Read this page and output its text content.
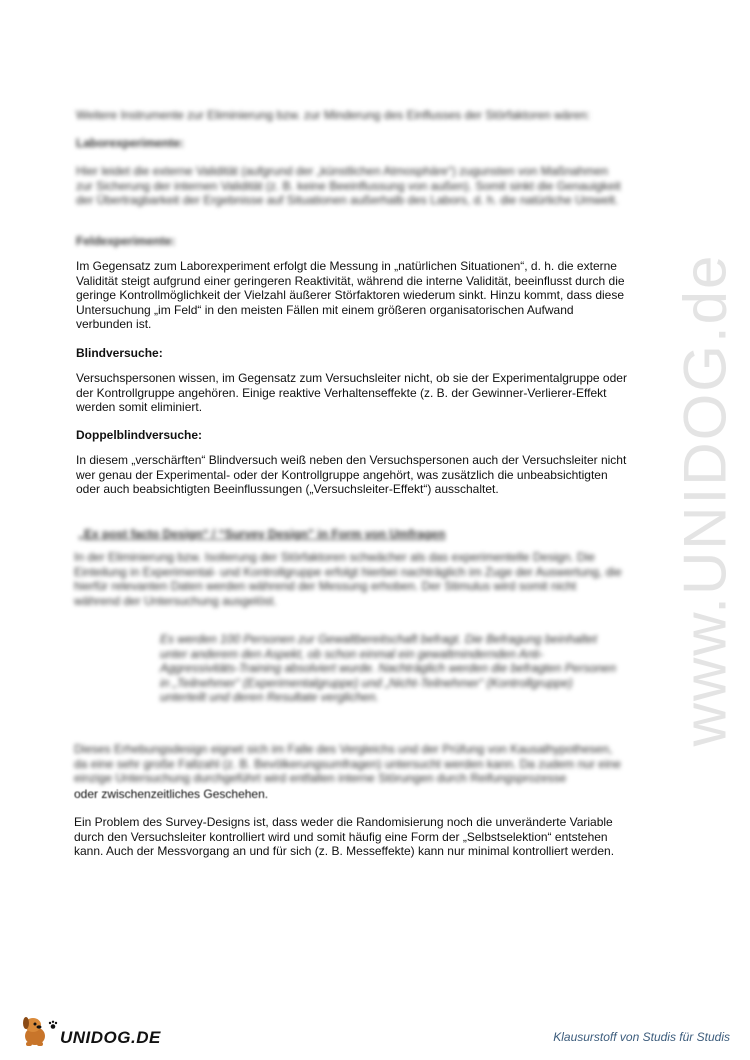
www.UNIDOG.de

Weitere Instrumente zur Eliminierung bzw. zur Minderung des Einflusses der Störfaktoren wären:

Laborexperimente:

Hier leidet die externe Validität (aufgrund der „künstlichen Atmosphäre“) zugunsten von Maßnahmen zur Sicherung der internen Validität (z. B. keine Beeinflussung von außen). Somit sinkt die Genauigkeit der Übertragbarkeit der Ergebnisse auf Situationen außerhalb des Labors, d. h. die natürliche Umwelt.

Feldexperimente:

Im Gegensatz zum Laborexperiment erfolgt die Messung in „natürlichen Situationen“, d. h. die externe Validität steigt aufgrund einer geringeren Reaktivität, während die interne Validität, beeinflusst durch die geringe Kontrollmöglichkeit der Vielzahl äußerer Störfaktoren wiederum sinkt. Hinzu kommt, dass diese Untersuchung „im Feld“ in den meisten Fällen mit einem größeren organisatorischen Aufwand verbunden ist.

Blindversuche:

Versuchspersonen wissen, im Gegensatz zum Versuchsleiter nicht, ob sie der Experimentalgruppe oder der Kontrollgruppe angehören. Einige reaktive Verhaltenseffekte (z. B. der Gewinner-Verlierer-Effekt werden somit eliminiert.

Doppelblindversuche:

In diesem „verschärften“ Blindversuch weiß neben den Versuchspersonen auch der Versuchsleiter nicht wer genau der Experimental- oder der Kontrollgruppe angehört, was zusätzlich die unbeabsichtigten oder auch beabsichtigten Beeinflussungen („Versuchsleiter-Effekt“) ausschaltet.

„Ex post facto Design“ / “Survey Design” in Form von Umfragen

In der Eliminierung bzw. Isolierung der Störfaktoren schwächer als das experimentelle Design. Die Einteilung in Experimental- und Kontrollgruppe erfolgt hierbei nachträglich im Zuge der Auswertung, die hierfür relevanten Daten werden während der Messung erhoben. Der Stimulus wird somit nicht während der Untersuchung ausgelöst.

Es werden 100 Personen zur Gewaltbereitschaft befragt. Die Befragung beinhaltet unter anderem den Aspekt, ob schon einmal ein gewaltmindernden Anti-Aggressivitäts-Training absolviert wurde. Nachträglich werden die befragten Personen in „Teilnehmer“ (Experimentalgruppe) und „Nicht-Teilnehmer“ (Kontrollgruppe) unterteilt und deren Resultate verglichen.

Dieses Erhebungsdesign eignet sich im Falle des Vergleichs und der Prüfung von Kausalhypothesen, da eine sehr große Fallzahl (z. B. Bevölkerungsumfragen) untersucht werden kann. Da zudem nur eine einzige Untersuchung durchgeführt wird entfallen interne Störungen durch Reifungsprozesse

oder zwischenzeitliches Geschehen.

Ein Problem des Survey-Designs ist, dass weder die Randomisierung noch die unveränderte Variable durch den Versuchsleiter kontrolliert wird und somit häufig eine Form der „Selbstselektion“ entstehen kann. Auch der Messvorgang an und für sich (z. B. Messeffekte) kann nur minimal kontrolliert werden.

UNIDOG.DE	Klausurstoff von Studis für Studis
